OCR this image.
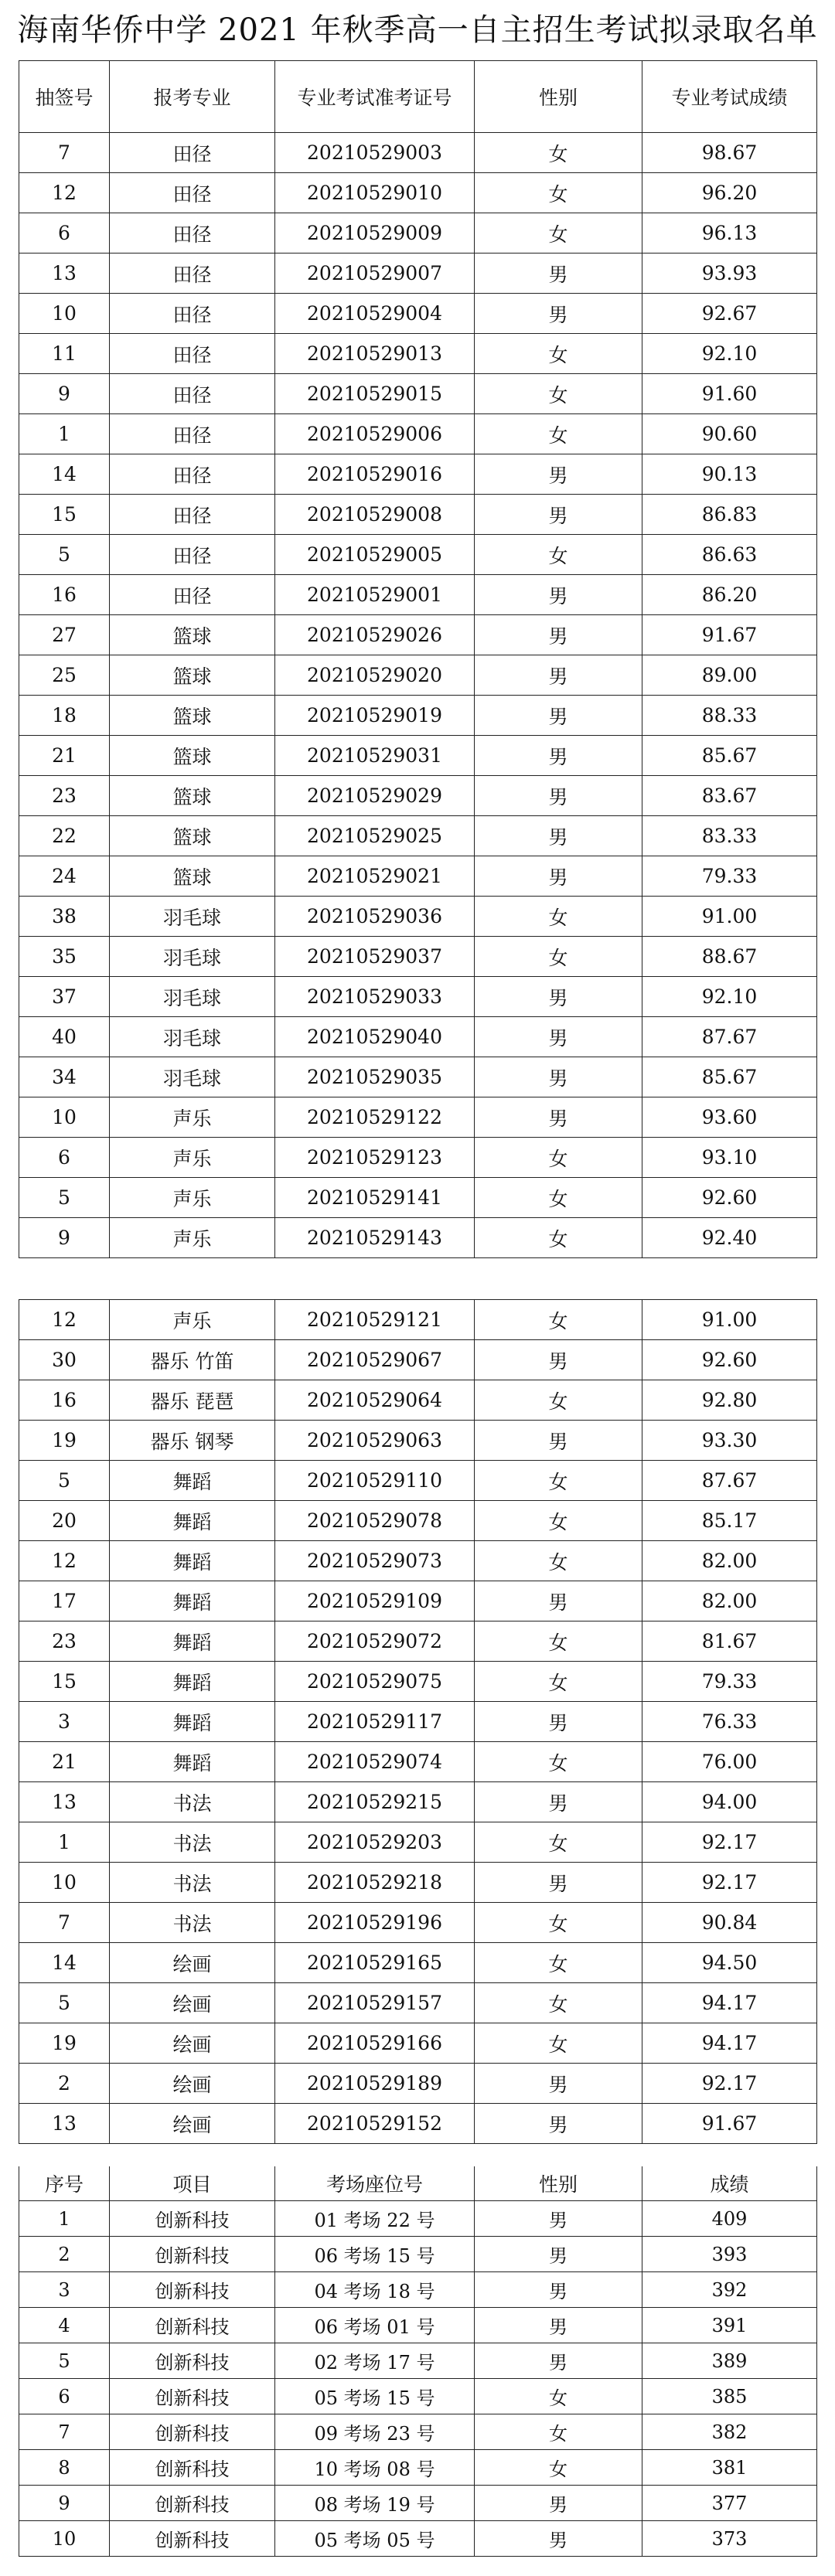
海南华侨中学 2021 年秋季高一自主招生考试拟录取名单
抽签号	报考专业	专业考试准考证号	性别	专业考试成绩
7	田径	20210529003	女	98.67
12	田径	20210529010	女	96.20
6	田径	20210529009	女	96.13
13	田径	20210529007	男	93.93
10	田径	20210529004	男	92.67
11	田径	20210529013	女	92.10
9	田径	20210529015	女	91.60
1	田径	20210529006	女	90.60
14	田径	20210529016	男	90.13
15	田径	20210529008	男	86.83
5	田径	20210529005	女	86.63
16	田径	20210529001	男	86.20
27	篮球	20210529026	男	91.67
25	篮球	20210529020	男	89.00
18	篮球	20210529019	男	88.33
21	篮球	20210529031	男	85.67
23	篮球	20210529029	男	83.67
22	篮球	20210529025	男	83.33
24	篮球	20210529021	男	79.33
38	羽毛球	20210529036	女	91.00
35	羽毛球	20210529037	女	88.67
37	羽毛球	20210529033	男	92.10
40	羽毛球	20210529040	男	87.67
34	羽毛球	20210529035	男	85.67
10	声乐	20210529122	男	93.60
6	声乐	20210529123	女	93.10
5	声乐	20210529141	女	92.60
9	声乐	20210529143	女	92.40
12	声乐	20210529121	女	91.00
30	器乐 竹笛	20210529067	男	92.60
16	器乐 琵琶	20210529064	女	92.80
19	器乐 钢琴	20210529063	男	93.30
5	舞蹈	20210529110	女	87.67
20	舞蹈	20210529078	女	85.17
12	舞蹈	20210529073	女	82.00
17	舞蹈	20210529109	男	82.00
23	舞蹈	20210529072	女	81.67
15	舞蹈	20210529075	女	79.33
3	舞蹈	20210529117	男	76.33
21	舞蹈	20210529074	女	76.00
13	书法	20210529215	男	94.00
1	书法	20210529203	女	92.17
10	书法	20210529218	男	92.17
7	书法	20210529196	女	90.84
14	绘画	20210529165	女	94.50
5	绘画	20210529157	女	94.17
19	绘画	20210529166	女	94.17
2	绘画	20210529189	男	92.17
13	绘画	20210529152	男	91.67
序号	项目	考场座位号	性别	成绩
1	创新科技	01 考场 22 号	男	409
2	创新科技	06 考场 15 号	男	393
3	创新科技	04 考场 18 号	男	392
4	创新科技	06 考场 01 号	男	391
5	创新科技	02 考场 17 号	男	389
6	创新科技	05 考场 15 号	女	385
7	创新科技	09 考场 23 号	女	382
8	创新科技	10 考场 08 号	女	381
9	创新科技	08 考场 19 号	男	377
10	创新科技	05 考场 05 号	男	373
